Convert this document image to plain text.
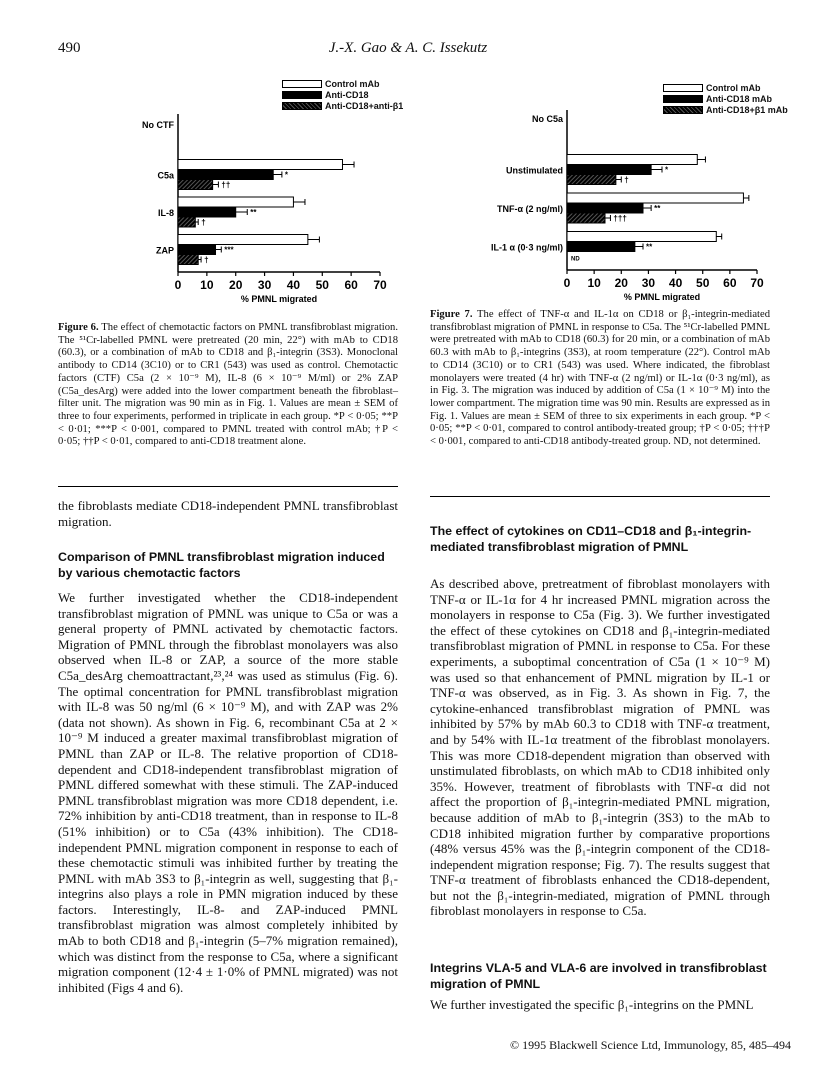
490	J.-X. Gao & A. C. Issekutz
Control mAb
Anti-CD18
Anti-CD18+anti-β1
0 10 20 30 40 50 60 70
% PMNL migrated
No CTF
C5a	*
††
IL-8	**
†
ZAP	***
†
Control mAb
Anti-CD18 mAb
Anti-CD18+β1 mAb
0 10 20 30 40 50 60 70
% PMNL migrated
No C5a
Unstimulated	*
†
TNF-α (2 ng/ml)	**
†††
IL-1 α (0·3 ng/ml)	**
ND
Figure 6. The effect of chemotactic factors on PMNL transfibroblast migration. The ⁵¹Cr-labelled PMNL were pretreated (20 min, 22°) with mAb to CD18 (60.3), or a combination of mAb to CD18 and β₁-integrin (3S3). Monoclonal antibody to CD14 (3C10) or to CR1 (543) was used as control. Chemotactic factors (CTF) C5a (2 × 10⁻⁹ M), IL-8 (6 × 10⁻⁹ M/ml) or 2% ZAP (C5a_desArg) were added into the lower compartment beneath the fibroblast–filter unit. The migration was 90 min as in Fig. 1. Values are mean ± SEM of three to four experiments, performed in triplicate in each group. *P < 0·05; **P < 0·01; ***P < 0·001, compared to PMNL treated with control mAb; †P < 0·05; ††P < 0·01, compared to anti-CD18 treatment alone.
Figure 7. The effect of TNF-α and IL-1α on CD18 or β₁-integrin-mediated transfibroblast migration of PMNL in response to C5a. The ⁵¹Cr-labelled PMNL were pretreated with mAb to CD18 (60.3) for 20 min, or a combination of mAb 60.3 with mAb to β₁-integrins (3S3), at room temperature (22°). Control mAb to CD14 (3C10) or to CR1 (543) was used. Where indicated, the fibroblast monolayers were treated (4 hr) with TNF-α (2 ng/ml) or IL-1α (0·3 ng/ml), as in Fig. 3. The migration was induced by addition of C5a (1 × 10⁻⁹ M) into the lower compartment. The migration time was 90 min. Results are expressed as in Fig. 1. Values are mean ± SEM of three to six experiments in each group. *P < 0·05; **P < 0·01, compared to control antibody-treated group; †P < 0·05; †††P < 0·001, compared to anti-CD18 antibody-treated group. ND, not determined.
the fibroblasts mediate CD18-independent PMNL transfibroblast migration.
Comparison of PMNL transfibroblast migration induced by various chemotactic factors
We further investigated whether the CD18-independent transfibroblast migration of PMNL was unique to C5a or was a general property of PMNL activated by chemotactic factors. Migration of PMNL through the fibroblast monolayers was also observed when IL-8 or ZAP, a source of the more stable C5a_desArg chemoattractant,²³,²⁴ was used as stimulus (Fig. 6). The optimal concentration for PMNL transfibroblast migration with IL-8 was 50 ng/ml (6 × 10⁻⁹ M), and with ZAP was 2% (data not shown). As shown in Fig. 6, recombinant C5a at 2 × 10⁻⁹ M induced a greater maximal transfibroblast migration of PMNL than ZAP or IL-8. The relative proportion of CD18-dependent and CD18-independent transfibroblast migration of PMNL differed somewhat with these stimuli. The ZAP-induced PMNL transfibroblast migration was more CD18 dependent, i.e. 72% inhibition by anti-CD18 treatment, than in response to IL-8 (51% inhibition) or to C5a (43% inhibition). The CD18-independent PMNL migration component in response to each of these chemotactic stimuli was inhibited further by treating the PMNL with mAb 3S3 to β₁-integrin as well, suggesting that β₁-integrins also plays a role in PMN migration induced by these factors. Interestingly, IL-8- and ZAP-induced PMNL transfibroblast migration was almost completely inhibited by mAb to both CD18 and β₁-integrin (5–7% migration remained), which was distinct from the response to C5a, where a significant migration component (12·4 ± 1·0% of PMNL migrated) was not inhibited (Figs 4 and 6).
The effect of cytokines on CD11–CD18 and β₁-integrin-mediated transfibroblast migration of PMNL
As described above, pretreatment of fibroblast monolayers with TNF-α or IL-1α for 4 hr increased PMNL migration across the monolayers in response to C5a (Fig. 3). We further investigated the effect of these cytokines on CD18 and β₁-integrin-mediated transfibroblast migration of PMNL in response to C5a. For these experiments, a suboptimal concentration of C5a (1 × 10⁻⁹ M) was used so that enhancement of PMNL migration by IL-1 or TNF-α was observed, as in Fig. 3. As shown in Fig. 7, the cytokine-enhanced transfibroblast migration of PMNL was inhibited by 57% by mAb 60.3 to CD18 with TNF-α treatment, and by 54% with IL-1α treatment of the fibroblast monolayers. This was more CD18-dependent migration than observed with unstimulated fibroblasts, on which mAb to CD18 inhibited only 35%. However, treatment of fibroblasts with TNF-α did not affect the proportion of β₁-integrin-mediated PMNL migration, because addition of mAb to β₁-integrin (3S3) to the mAb to CD18 inhibited migration further by comparative proportions (48% versus 45% was the β₁-integrin component of the CD18-independent migration response; Fig. 7). The results suggest that TNF-α treatment of fibroblasts enhanced the CD18-dependent, but not the β₁-integrin-mediated, migration of PMNL through fibroblast monolayers in response to C5a.
Integrins VLA-5 and VLA-6 are involved in transfibroblast migration of PMNL
We further investigated the specific β₁-integrins on the PMNL
© 1995 Blackwell Science Ltd, Immunology, 85, 485–494
